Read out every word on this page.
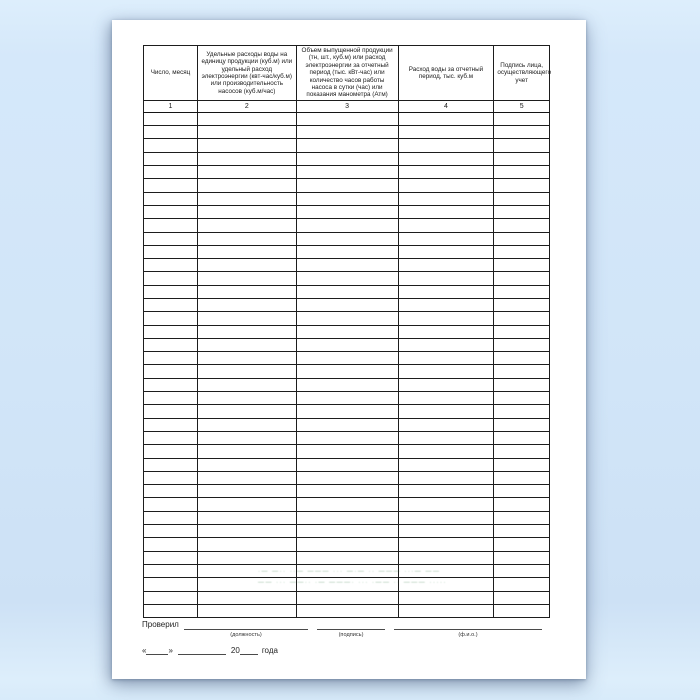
Число, месяц	Удельные расходы воды на единицу продукции (куб.м) или удельный расход электроэнергии (квт-час/куб.м) или производительность насосов (куб.м/час)	Объем выпущенной продукции (тн, шт., куб.м) или расход электроэнергии за отчетный период (тыс. кВт-час) или количество часов работы насоса в сутки (час) или показания манометра (Атм)	Расход воды за отчетный период, тыс. куб.м	Подпись лица, осуществляющего учет
1	2	3	4	5

·— —·· ··— ——— ··· —·— ·· ——— ···— ——
—— ··· ——·· ·— ———· ··· ·—— ·· ——— ·····
Проверил
(должность)	(подпись)	(ф.и.о.)
«	»	20	года
